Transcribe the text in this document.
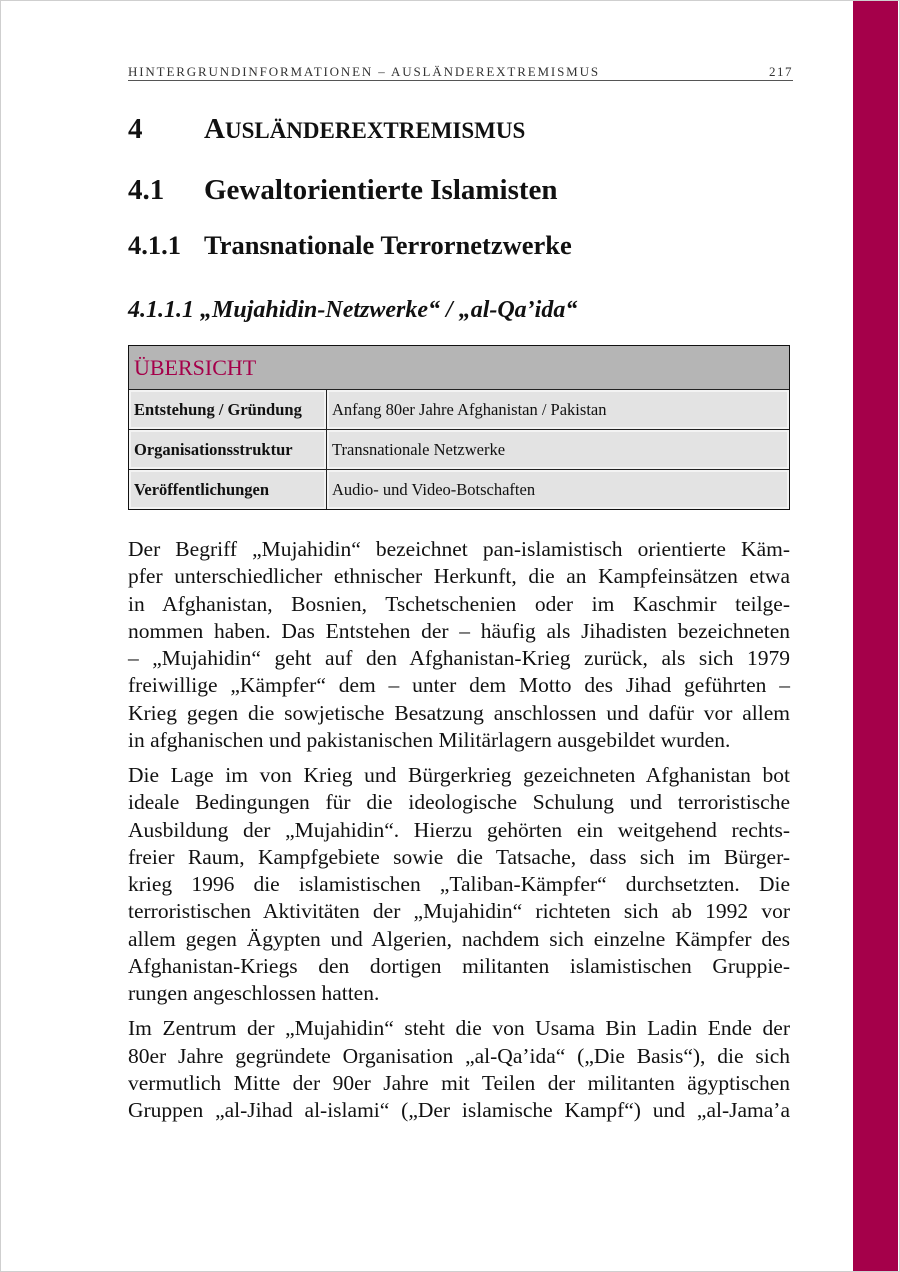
HINTERGRUNDINFORMATIONEN – AUSLÄNDEREXTREMISMUS	217
4	AUSLÄNDEREXTREMISMUS
4.1 Gewaltorientierte Islamisten
4.1.1 Transnationale Terrornetzwerke
4.1.1.1 „Mujahidin-Netzwerke“ / „al-Qa’ida“
ÜBERSICHT
Entstehung / Gründung	Anfang 80er Jahre Afghanistan / Pakistan
Organisationsstruktur	Transnationale Netzwerke
Veröffentlichungen	Audio- und Video-Botschaften
Der Begriff „Mujahidin“ bezeichnet pan-islamistisch orientierte Käm-
pfer unterschiedlicher ethnischer Herkunft, die an Kampfeinsätzen etwa
in Afghanistan, Bosnien, Tschetschenien oder im Kaschmir teilge-
nommen haben. Das Entstehen der – häufig als Jihadisten bezeichneten
– „Mujahidin“ geht auf den Afghanistan-Krieg zurück, als sich 1979
freiwillige „Kämpfer“ dem – unter dem Motto des Jihad geführten –
Krieg gegen die sowjetische Besatzung anschlossen und dafür vor allem
in afghanischen und pakistanischen Militärlagern ausgebildet wurden.
Die Lage im von Krieg und Bürgerkrieg gezeichneten Afghanistan bot
ideale Bedingungen für die ideologische Schulung und terroristische
Ausbildung der „Mujahidin“. Hierzu gehörten ein weitgehend rechts-
freier Raum, Kampfgebiete sowie die Tatsache, dass sich im Bürger-
krieg 1996 die islamistischen „Taliban-Kämpfer“ durchsetzten. Die
terroristischen Aktivitäten der „Mujahidin“ richteten sich ab 1992 vor
allem gegen Ägypten und Algerien, nachdem sich einzelne Kämpfer des
Afghanistan-Kriegs den dortigen militanten islamistischen Gruppie-
rungen angeschlossen hatten.
Im Zentrum der „Mujahidin“ steht die von Usama Bin Ladin Ende der
80er Jahre gegründete Organisation „al-Qa’ida“ („Die Basis“), die sich
vermutlich Mitte der 90er Jahre mit Teilen der militanten ägyptischen
Gruppen „al-Jihad al-islami“ („Der islamische Kampf“) und „al-Jama’a
